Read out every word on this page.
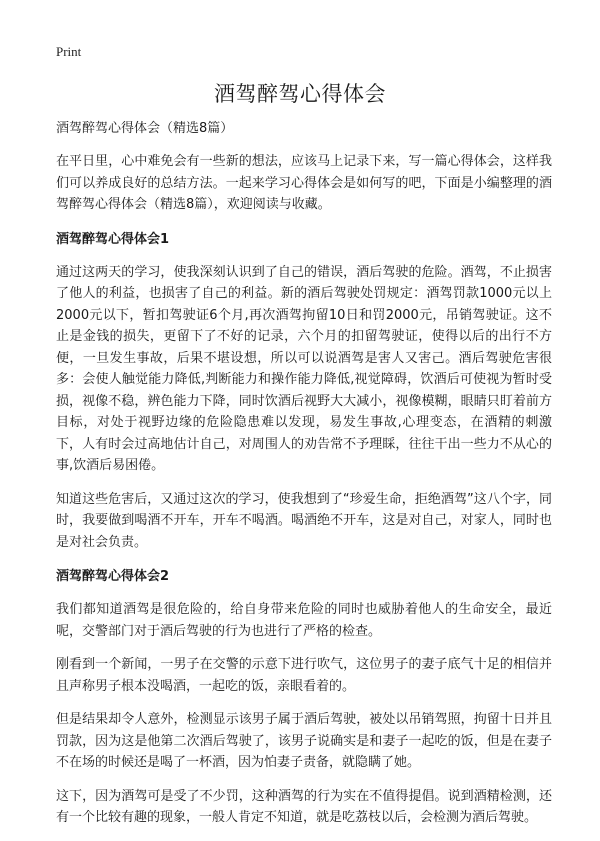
Print
酒驾醉驾心得体会
酒驾醉驾心得体会（精选8篇）

在平日里，心中难免会有一些新的想法，应该马上记录下来，写一篇心得体会，这样我们可以养成良好的总结方法。一起来学习心得体会是如何写的吧，下面是小编整理的酒驾醉驾心得体会（精选8篇），欢迎阅读与收藏。

酒驾醉驾心得体会1

通过这两天的学习，使我深刻认识到了自己的错误，酒后驾驶的危险。酒驾，不止损害了他人的利益，也损害了自己的利益。新的酒后驾驶处罚规定：酒驾罚款1000元以上2000元以下，暂扣驾驶证6个月,再次酒驾拘留10日和罚2000元，吊销驾驶证。这不止是金钱的损失，更留下了不好的记录，六个月的扣留驾驶证，使得以后的出行不方便，一旦发生事故，后果不堪设想，所以可以说酒驾是害人又害己。酒后驾驶危害很多：会使人触觉能力降低,判断能力和操作能力降低,视觉障碍，饮酒后可使视为暂时受损，视像不稳，辨色能力下降，同时饮酒后视野大大减小，视像模糊，眼睛只盯着前方目标，对处于视野边缘的危险隐患难以发现，易发生事故,心理变态，在酒精的刺激下，人有时会过高地估计自己，对周围人的劝告常不予理睬，往往干出一些力不从心的事,饮酒后易困倦。

知道这些危害后，又通过这次的学习，使我想到了“珍爱生命，拒绝酒驾”这八个字，同时，我要做到喝酒不开车，开车不喝酒。喝酒绝不开车，这是对自己，对家人，同时也是对社会负责。

酒驾醉驾心得体会2

我们都知道酒驾是很危险的，给自身带来危险的同时也威胁着他人的生命安全，最近呢，交警部门对于酒后驾驶的行为也进行了严格的检查。

刚看到一个新闻，一男子在交警的示意下进行吹气，这位男子的妻子底气十足的相信并且声称男子根本没喝酒，一起吃的饭，亲眼看着的。

但是结果却令人意外，检测显示该男子属于酒后驾驶，被处以吊销驾照，拘留十日并且罚款，因为这是他第二次酒后驾驶了，该男子说确实是和妻子一起吃的饭，但是在妻子不在场的时候还是喝了一杯酒，因为怕妻子责备，就隐瞒了她。

这下，因为酒驾可是受了不少罚，这种酒驾的行为实在不值得提倡。说到酒精检测，还有一个比较有趣的现象，一般人肯定不知道，就是吃荔枝以后，会检测为酒后驾驶。
